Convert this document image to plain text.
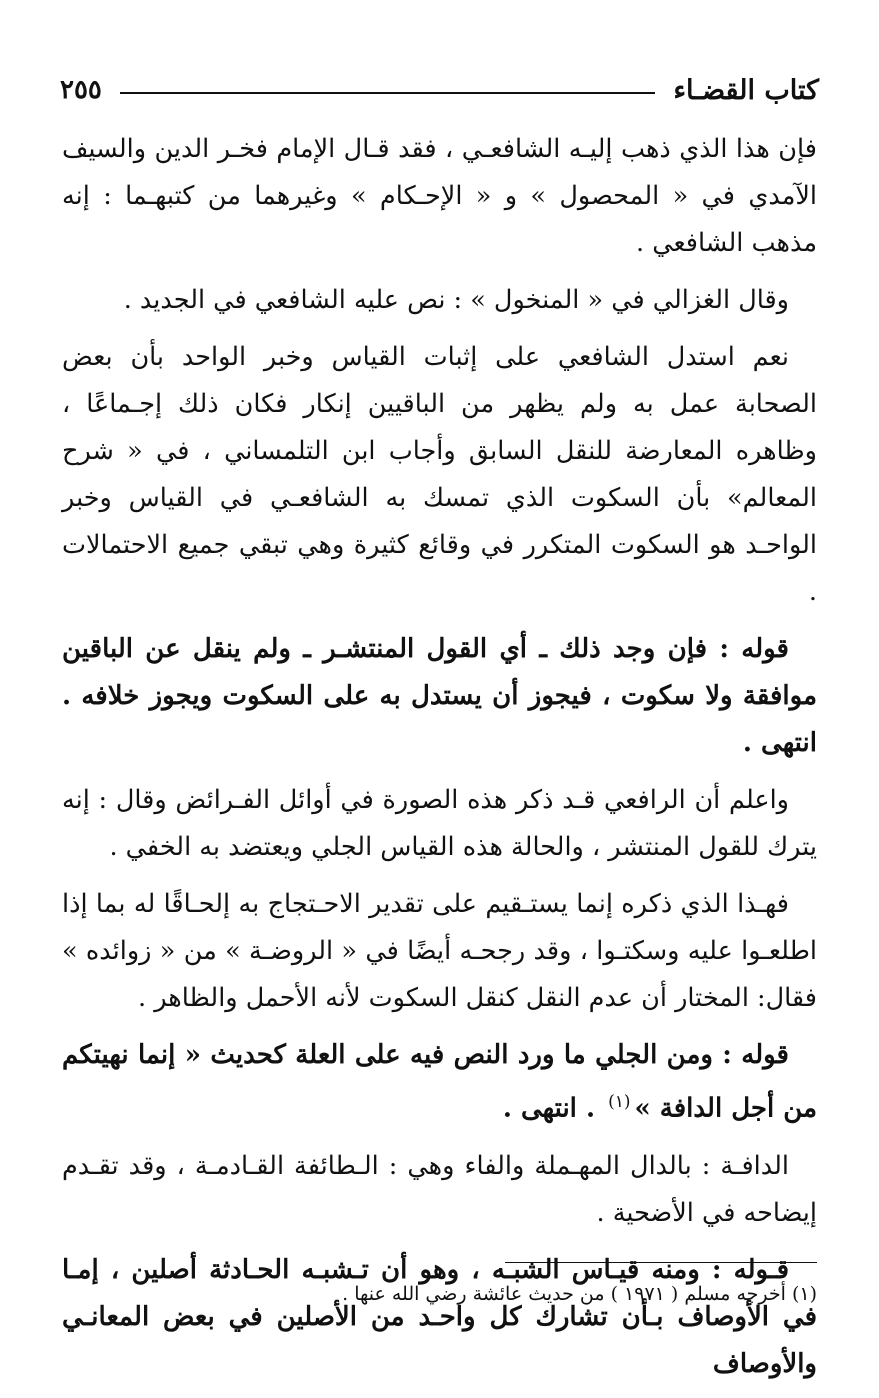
كتاب القضـاء
٢٥٥

فإن هذا الذي ذهب إليـه الشافعـي ، فقد قـال الإمام فخـر الدين والسيف الآمدي في « المحصول » و « الإحـكام » وغيرهما من كتبهـما : إنه مذهب الشافعي .

وقال الغزالي في « المنخول » : نص عليه الشافعي في الجديد .

نعم استدل الشافعي على إثبات القياس وخبر الواحد بأن بعض الصحابة عمل به ولم يظهر من الباقيين إنكار فكان ذلك إجـماعًا ، وظاهره المعارضة للنقل السابق وأجاب ابن التلمساني ، في « شرح المعالم» بأن السكوت الذي تمسك به الشافعـي في القياس وخبر الواحـد هو السكوت المتكرر في وقائع كثيرة وهي تبقي جميع الاحتمالات .

قوله : فإن وجد ذلك ـ أي القول المنتشـر ـ ولم ينقل عن الباقين موافقة ولا سكوت ، فيجوز أن يستدل به على السكوت ويجوز خلافه . انتهى .

واعلم أن الرافعي قـد ذكر هذه الصورة في أوائل الفـرائض وقال : إنه يترك للقول المنتشر ، والحالة هذه القياس الجلي ويعتضد به الخفي .

فهـذا الذي ذكره إنما يستـقيم على تقدير الاحـتجاج به إلحـاقًا له بما إذا اطلعـوا عليه وسكتـوا ، وقد رجحـه أيضًا في « الروضـة » من « زوائده » فقال: المختار أن عدم النقل كنقل السكوت لأنه الأحمل والظاهر .

قوله : ومن الجلي ما ورد النص فيه على العلة كحديث « إنما نهيتكم من أجل الدافة »$^{(١)}$ . انتهى .

الدافـة : بالدال المهـملة والفاء وهي : الـطائفة القـادمـة ، وقد تقـدم إيضاحه في الأضحية .

قـوله : ومنه قيـاس الشبـه ، وهو أن تـشبـه الحـادثة أصلين ، إمـا في الأوصاف بـأن تشارك كل واحـد من الأصلين في بعض المعانـي والأوصاف

(١) أخرجه مسلم ( ١٩٧١ ) من حديث عائشة رضي الله عنها .
